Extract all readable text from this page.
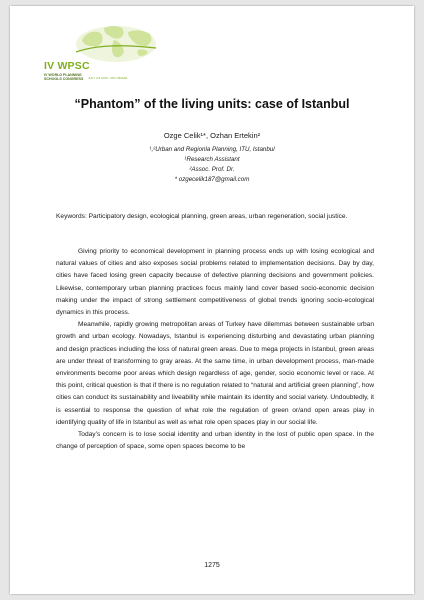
IV WPSC
IV WORLD PLANNING SCHOOLS CONGRESS JULY 4-8 2016 • RIO, BRAZIL
“Phantom” of the living units: case of Istanbul
Ozge Celik¹*, Ozhan Ertekin²
¹,²Urban and Regionla Planning, ITU, Istanbul
¹Research Assistant
²Assoc. Prof. Dr.
* ozgecelik187@gmail.com
Keywords: Participatory design, ecological planning, green areas, urban regeneration, social justice.

Giving priority to economical development in planning process ends up with losing ecological and natural values of cities and also exposes social problems related to implementation decisions. Day by day, cities have faced losing green capacity because of defective planning decisions and government policies. Likewise, contemporary urban planning practices focus mainly land cover based socio-economic decision making under the impact of strong settlement competitiveness of global trends ignoring socio-ecological dynamics in this process.

Meanwhile, rapidly growing metropolitan areas of Turkey have dilemmas between sustainable urban growth and urban ecology. Nowadays, Istanbul is experiencing disturbing and devastating urban planning and design practices including the loss of natural green areas. Due to mega projects in Istanbul, green areas are under threat of transforming to gray areas. At the same time, in urban development process, man-made environments become poor areas which design regardless of age, gender, socio economic level or race. At this point, critical question is that if there is no regulation related to “natural and artificial green planning”, how cities can conduct its sustainability and liveability while maintain its identity and social variety. Undoubtedly, it is essential to response the question of what role the regulation of green or/and open areas play in identifying quality of life in Istanbul as well as what role open spaces play in our social life.

Today’s concern is to lose social identity and urban identity in the lost of public open space. In the change of perception of space, some open spaces become to be

1275
